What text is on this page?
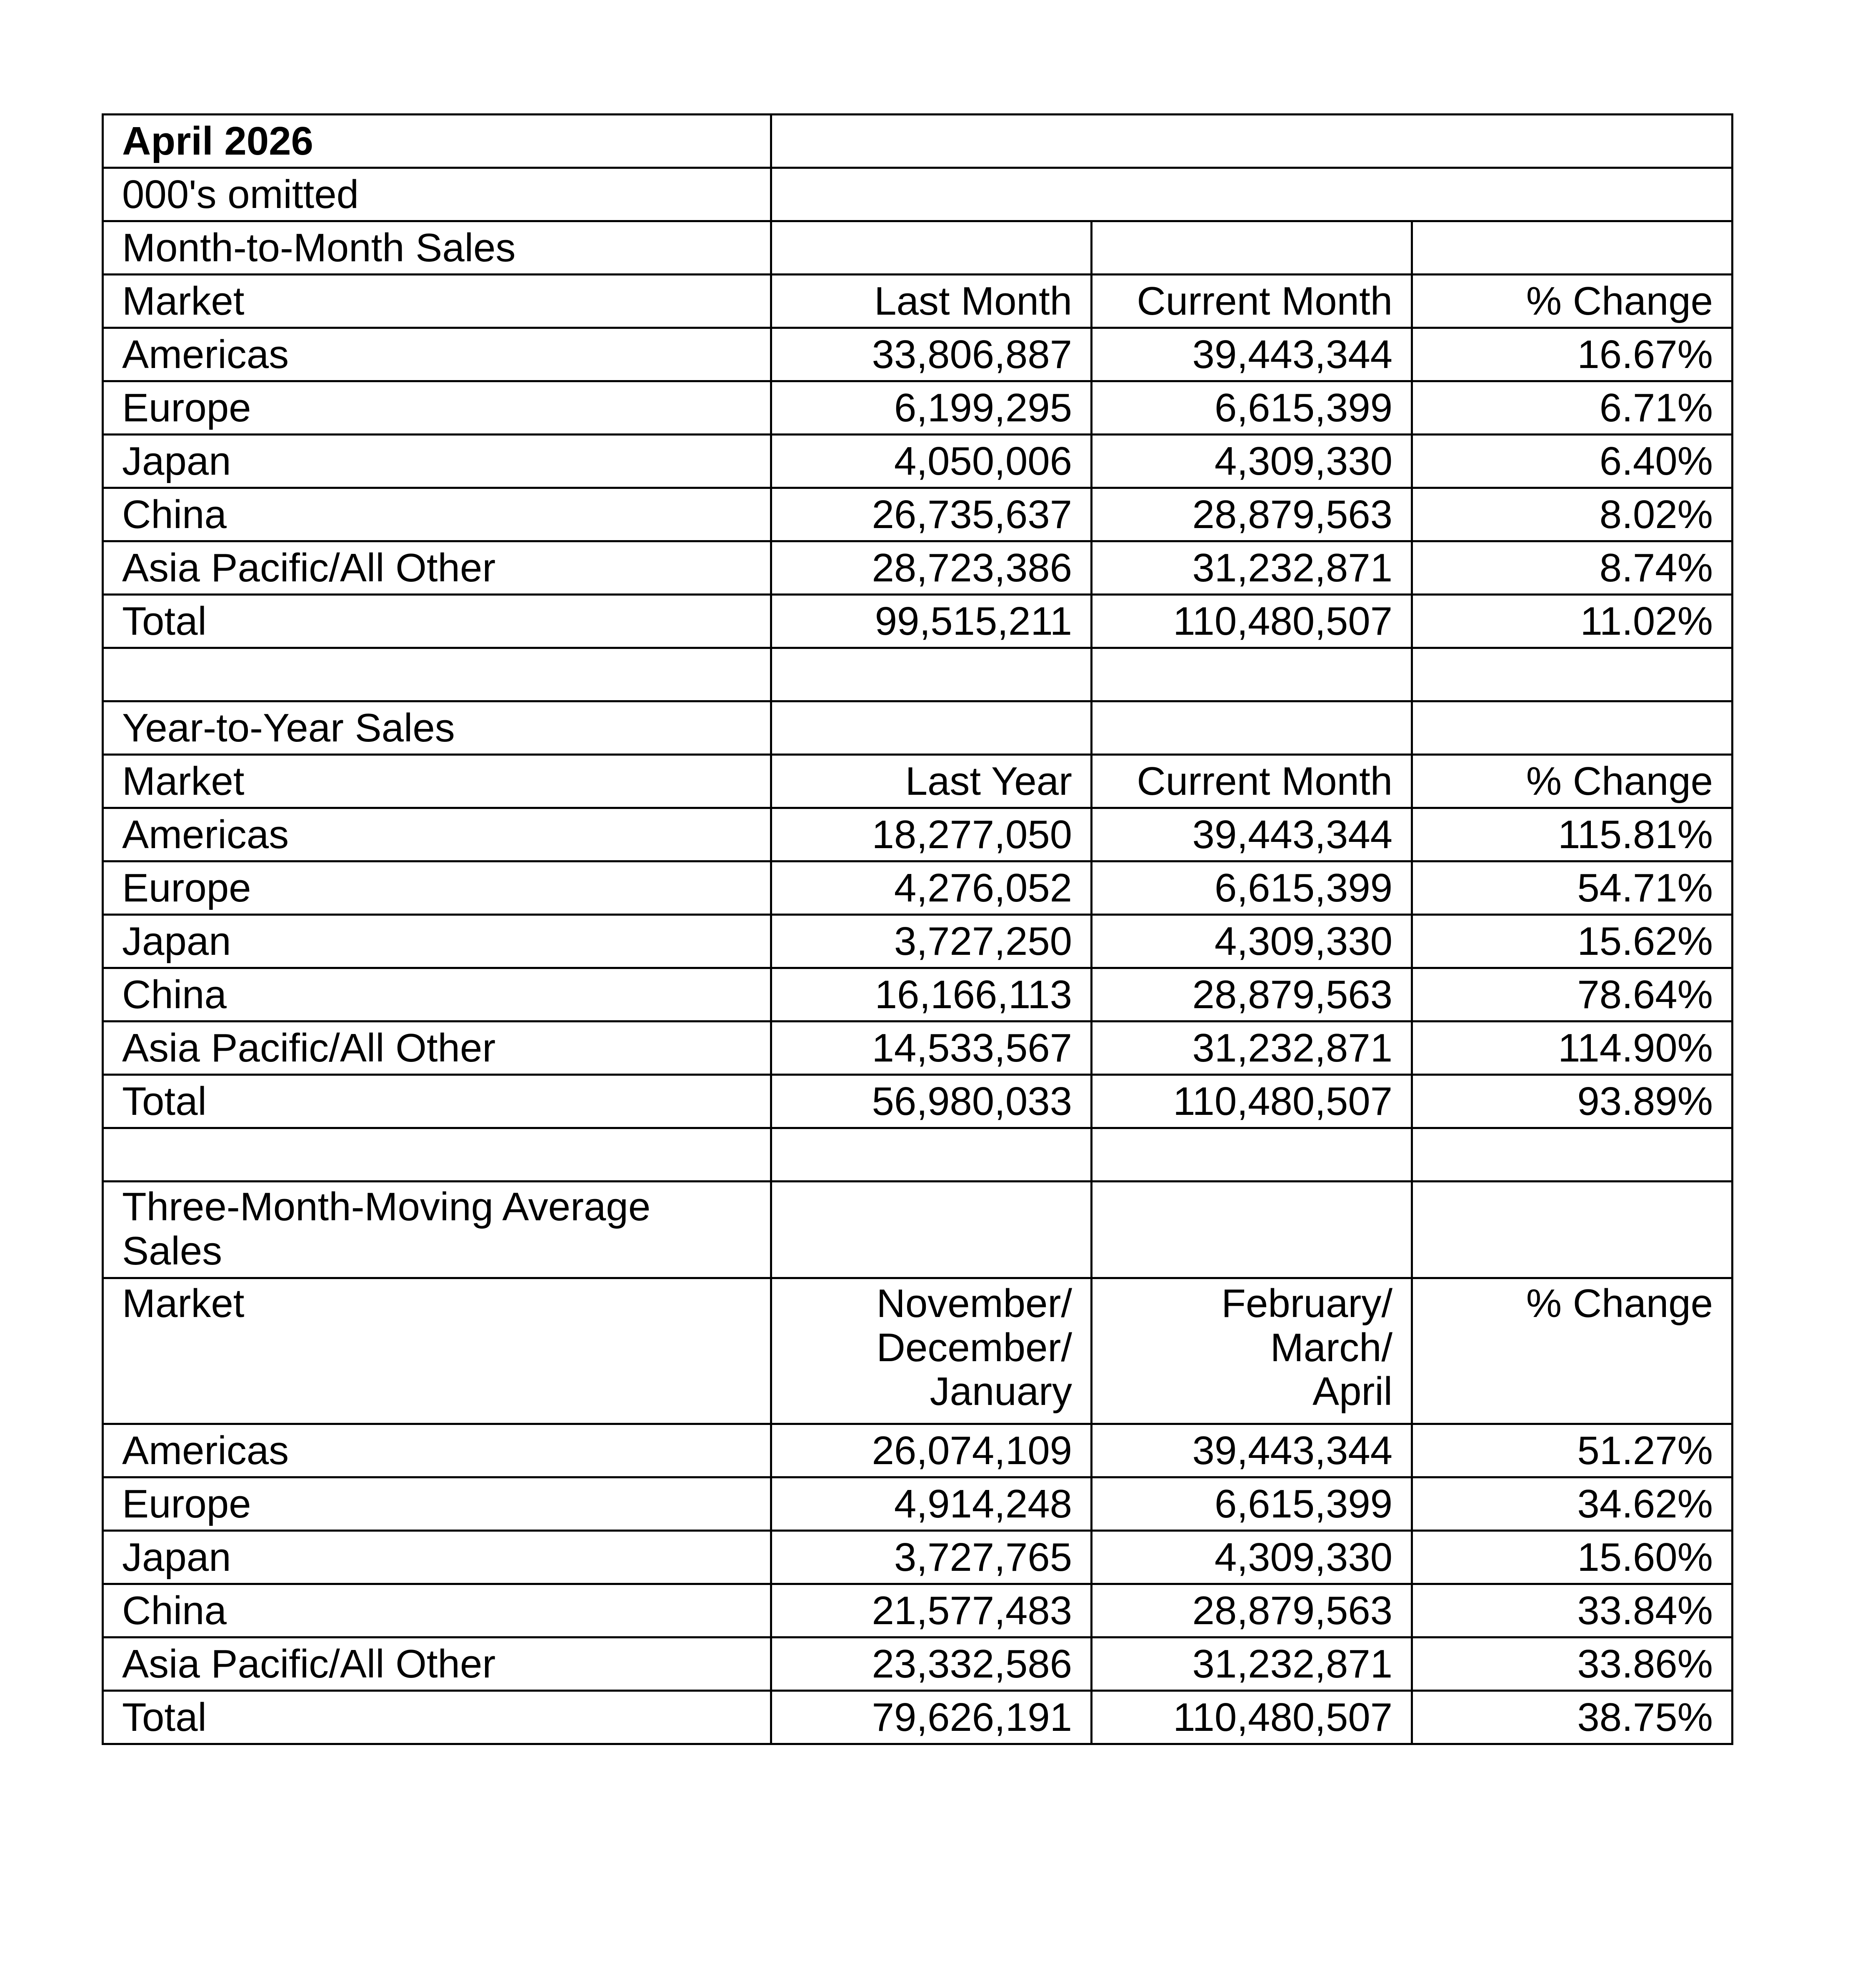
April 2026			
000's omitted			
Month-to-Month Sales			
Market	Last Month	Current Month	% Change
Americas	33,806,887	39,443,344	16.67%
Europe	6,199,295	6,615,399	6.71%
Japan	4,050,006	4,309,330	6.40%
China	26,735,637	28,879,563	8.02%
Asia Pacific/All Other	28,723,386	31,232,871	8.74%
Total	99,515,211	110,480,507	11.02%

Year-to-Year Sales			
Market	Last Year	Current Month	% Change
Americas	18,277,050	39,443,344	115.81%
Europe	4,276,052	6,615,399	54.71%
Japan	3,727,250	4,309,330	15.62%
China	16,166,113	28,879,563	78.64%
Asia Pacific/All Other	14,533,567	31,232,871	114.90%
Total	56,980,033	110,480,507	93.89%

Three-Month-Moving Average Sales			
Market	November/
December/
January	February/
March/
April	% Change
Americas	26,074,109	39,443,344	51.27%
Europe	4,914,248	6,615,399	34.62%
Japan	3,727,765	4,309,330	15.60%
China	21,577,483	28,879,563	33.84%
Asia Pacific/All Other	23,332,586	31,232,871	33.86%
Total	79,626,191	110,480,507	38.75%
